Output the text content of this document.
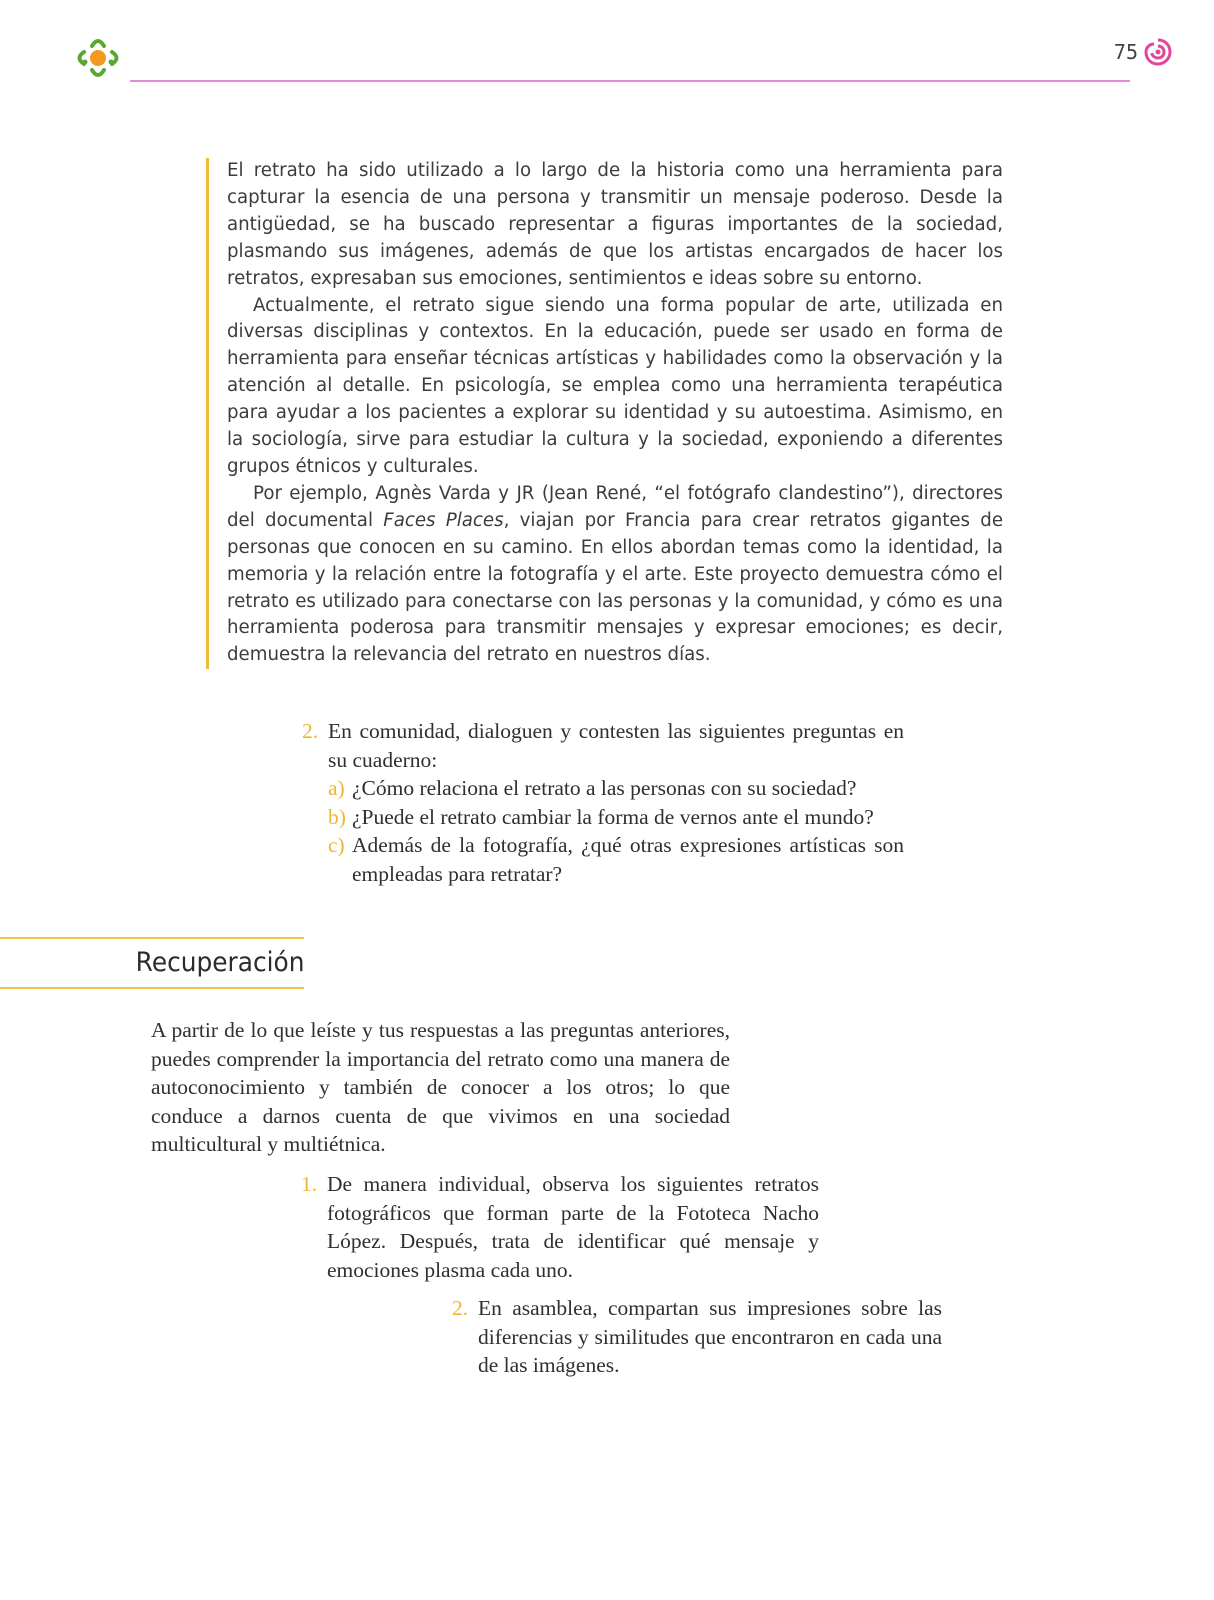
75

El retrato ha sido utilizado a lo largo de la historia como una herramienta para capturar la esencia de una persona y transmitir un mensaje poderoso. Desde la antigüedad, se ha buscado representar a figuras importantes de la sociedad, plasmando sus imágenes, además de que los artistas encargados de hacer los retratos, expresaban sus emociones, sentimientos e ideas sobre su entorno.

Actualmente, el retrato sigue siendo una forma popular de arte, utilizada en diversas disciplinas y contextos. En la educación, puede ser usado en forma de herramienta para enseñar técnicas artísticas y habilidades como la observación y la atención al detalle. En psicología, se emplea como una herramienta terapéutica para ayudar a los pacientes a explorar su identidad y su autoestima. Asimismo, en la sociología, sirve para estudiar la cultura y la sociedad, exponiendo a diferentes grupos étnicos y culturales.

Por ejemplo, Agnès Varda y JR (Jean René, “el fotógrafo clandestino”), directores del documental Faces Places, viajan por Francia para crear retratos gigantes de personas que conocen en su camino. En ellos abordan temas como la identidad, la memoria y la relación entre la fotografía y el arte. Este proyecto demuestra cómo el retrato es utilizado para conectarse con las personas y la comunidad, y cómo es una herramienta poderosa para transmitir mensajes y expresar emociones; es decir, demuestra la relevancia del retrato en nuestros días.

2. En comunidad, dialoguen y contesten las siguientes preguntas en su cuaderno:
a) ¿Cómo relaciona el retrato a las personas con su sociedad?
b) ¿Puede el retrato cambiar la forma de vernos ante el mundo?
c) Además de la fotografía, ¿qué otras expresiones artísticas son empleadas para retratar?
Recuperación
A partir de lo que leíste y tus respuestas a las preguntas anteriores, puedes comprender la importancia del retrato como una manera de autoconocimiento y también de conocer a los otros; lo que conduce a darnos cuenta de que vivimos en una sociedad multicultural y multiétnica.
1. De manera individual, observa los siguientes retratos fotográficos que forman parte de la Fototeca Nacho López. Después, trata de identificar qué mensaje y emociones plasma cada uno.
2. En asamblea, compartan sus impresiones sobre las diferencias y similitudes que encontraron en cada una de las imágenes.
